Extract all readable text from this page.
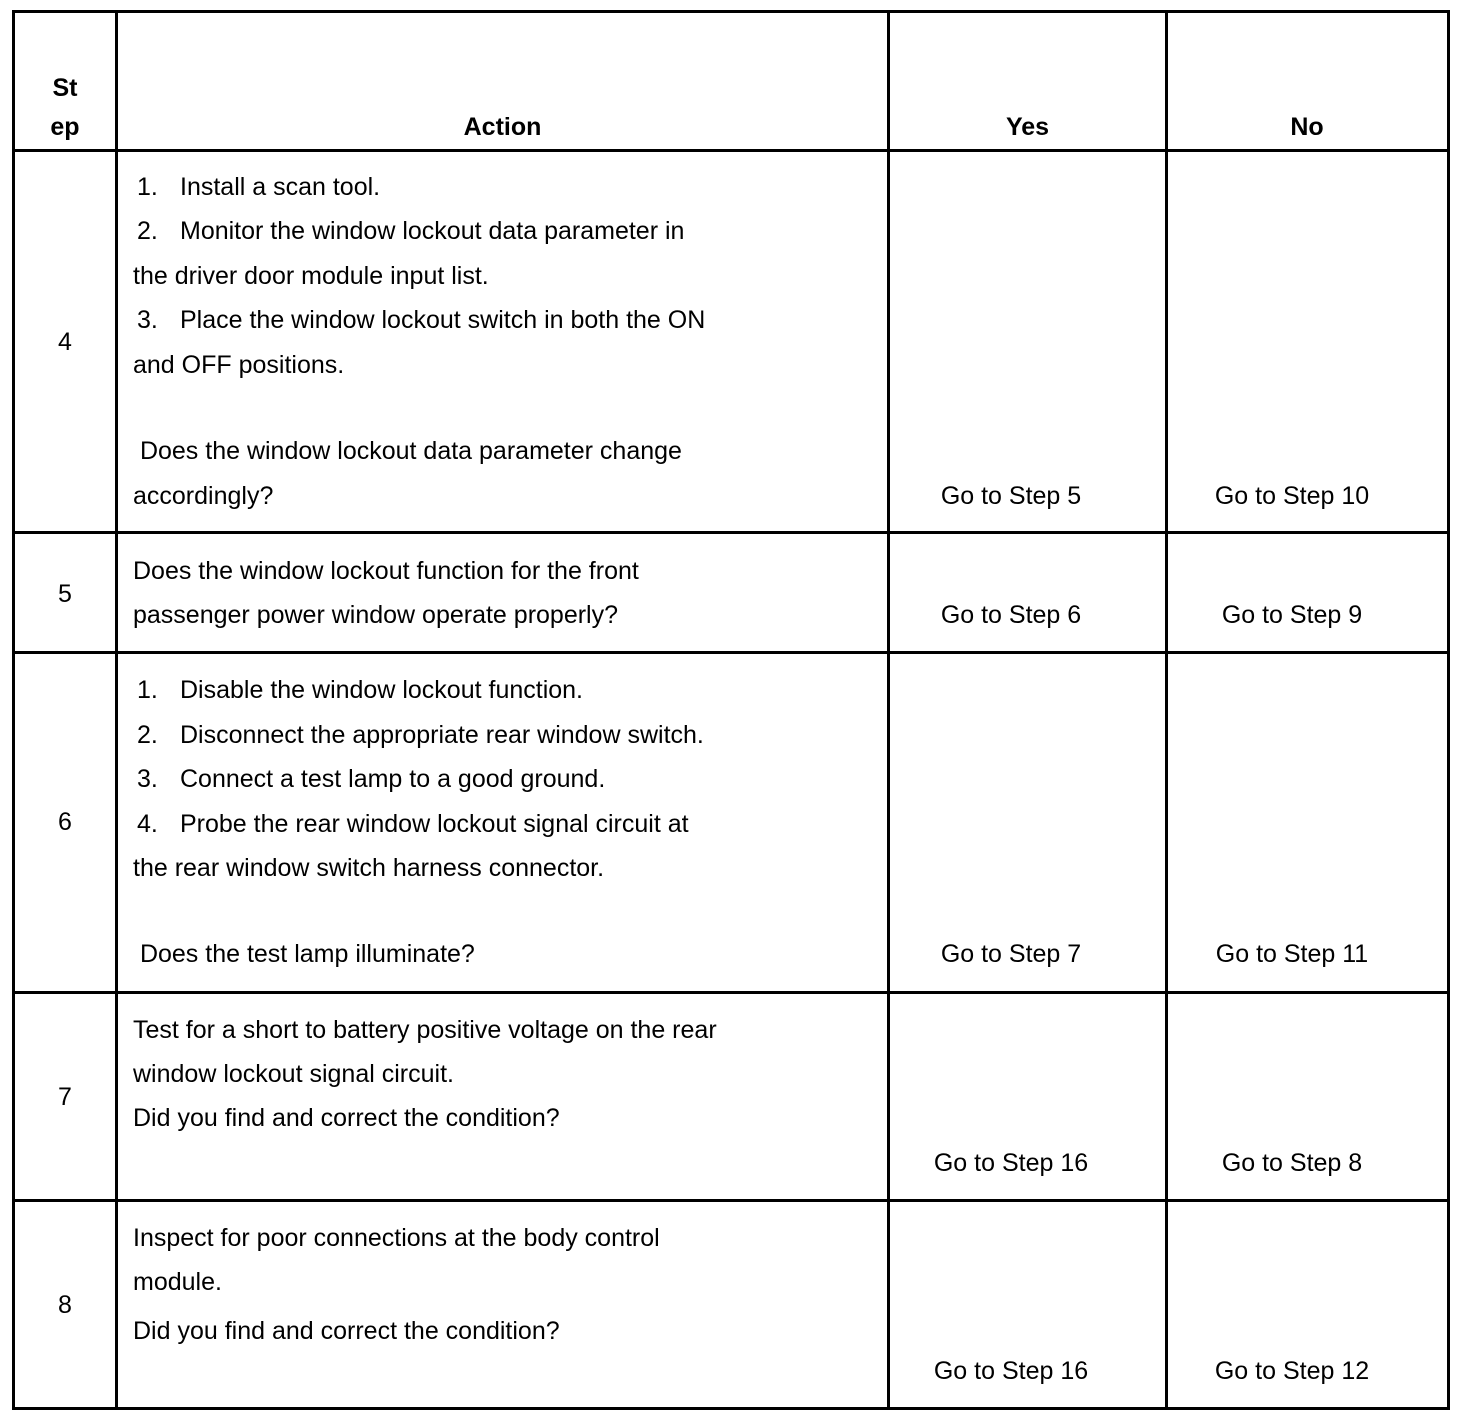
St
ep	Action	Yes	No
4
1. Install a scan tool.
2. Monitor the window lockout data parameter in
the driver door module input list.
3. Place the window lockout switch in both the ON
and OFF positions.
Does the window lockout data parameter change
accordingly?	Go to Step 5	Go to Step 10
5
Does the window lockout function for the front
passenger power window operate properly?	Go to Step 6	Go to Step 9
6
1. Disable the window lockout function.
2. Disconnect the appropriate rear window switch.
3. Connect a test lamp to a good ground.
4. Probe the rear window lockout signal circuit at
the rear window switch harness connector.
Does the test lamp illuminate?	Go to Step 7	Go to Step 11
7
Test for a short to battery positive voltage on the rear
window lockout signal circuit.
Did you find and correct the condition?
Go to Step 16	Go to Step 8
8
Inspect for poor connections at the body control
module.
Did you find and correct the condition?
Go to Step 16	Go to Step 12
